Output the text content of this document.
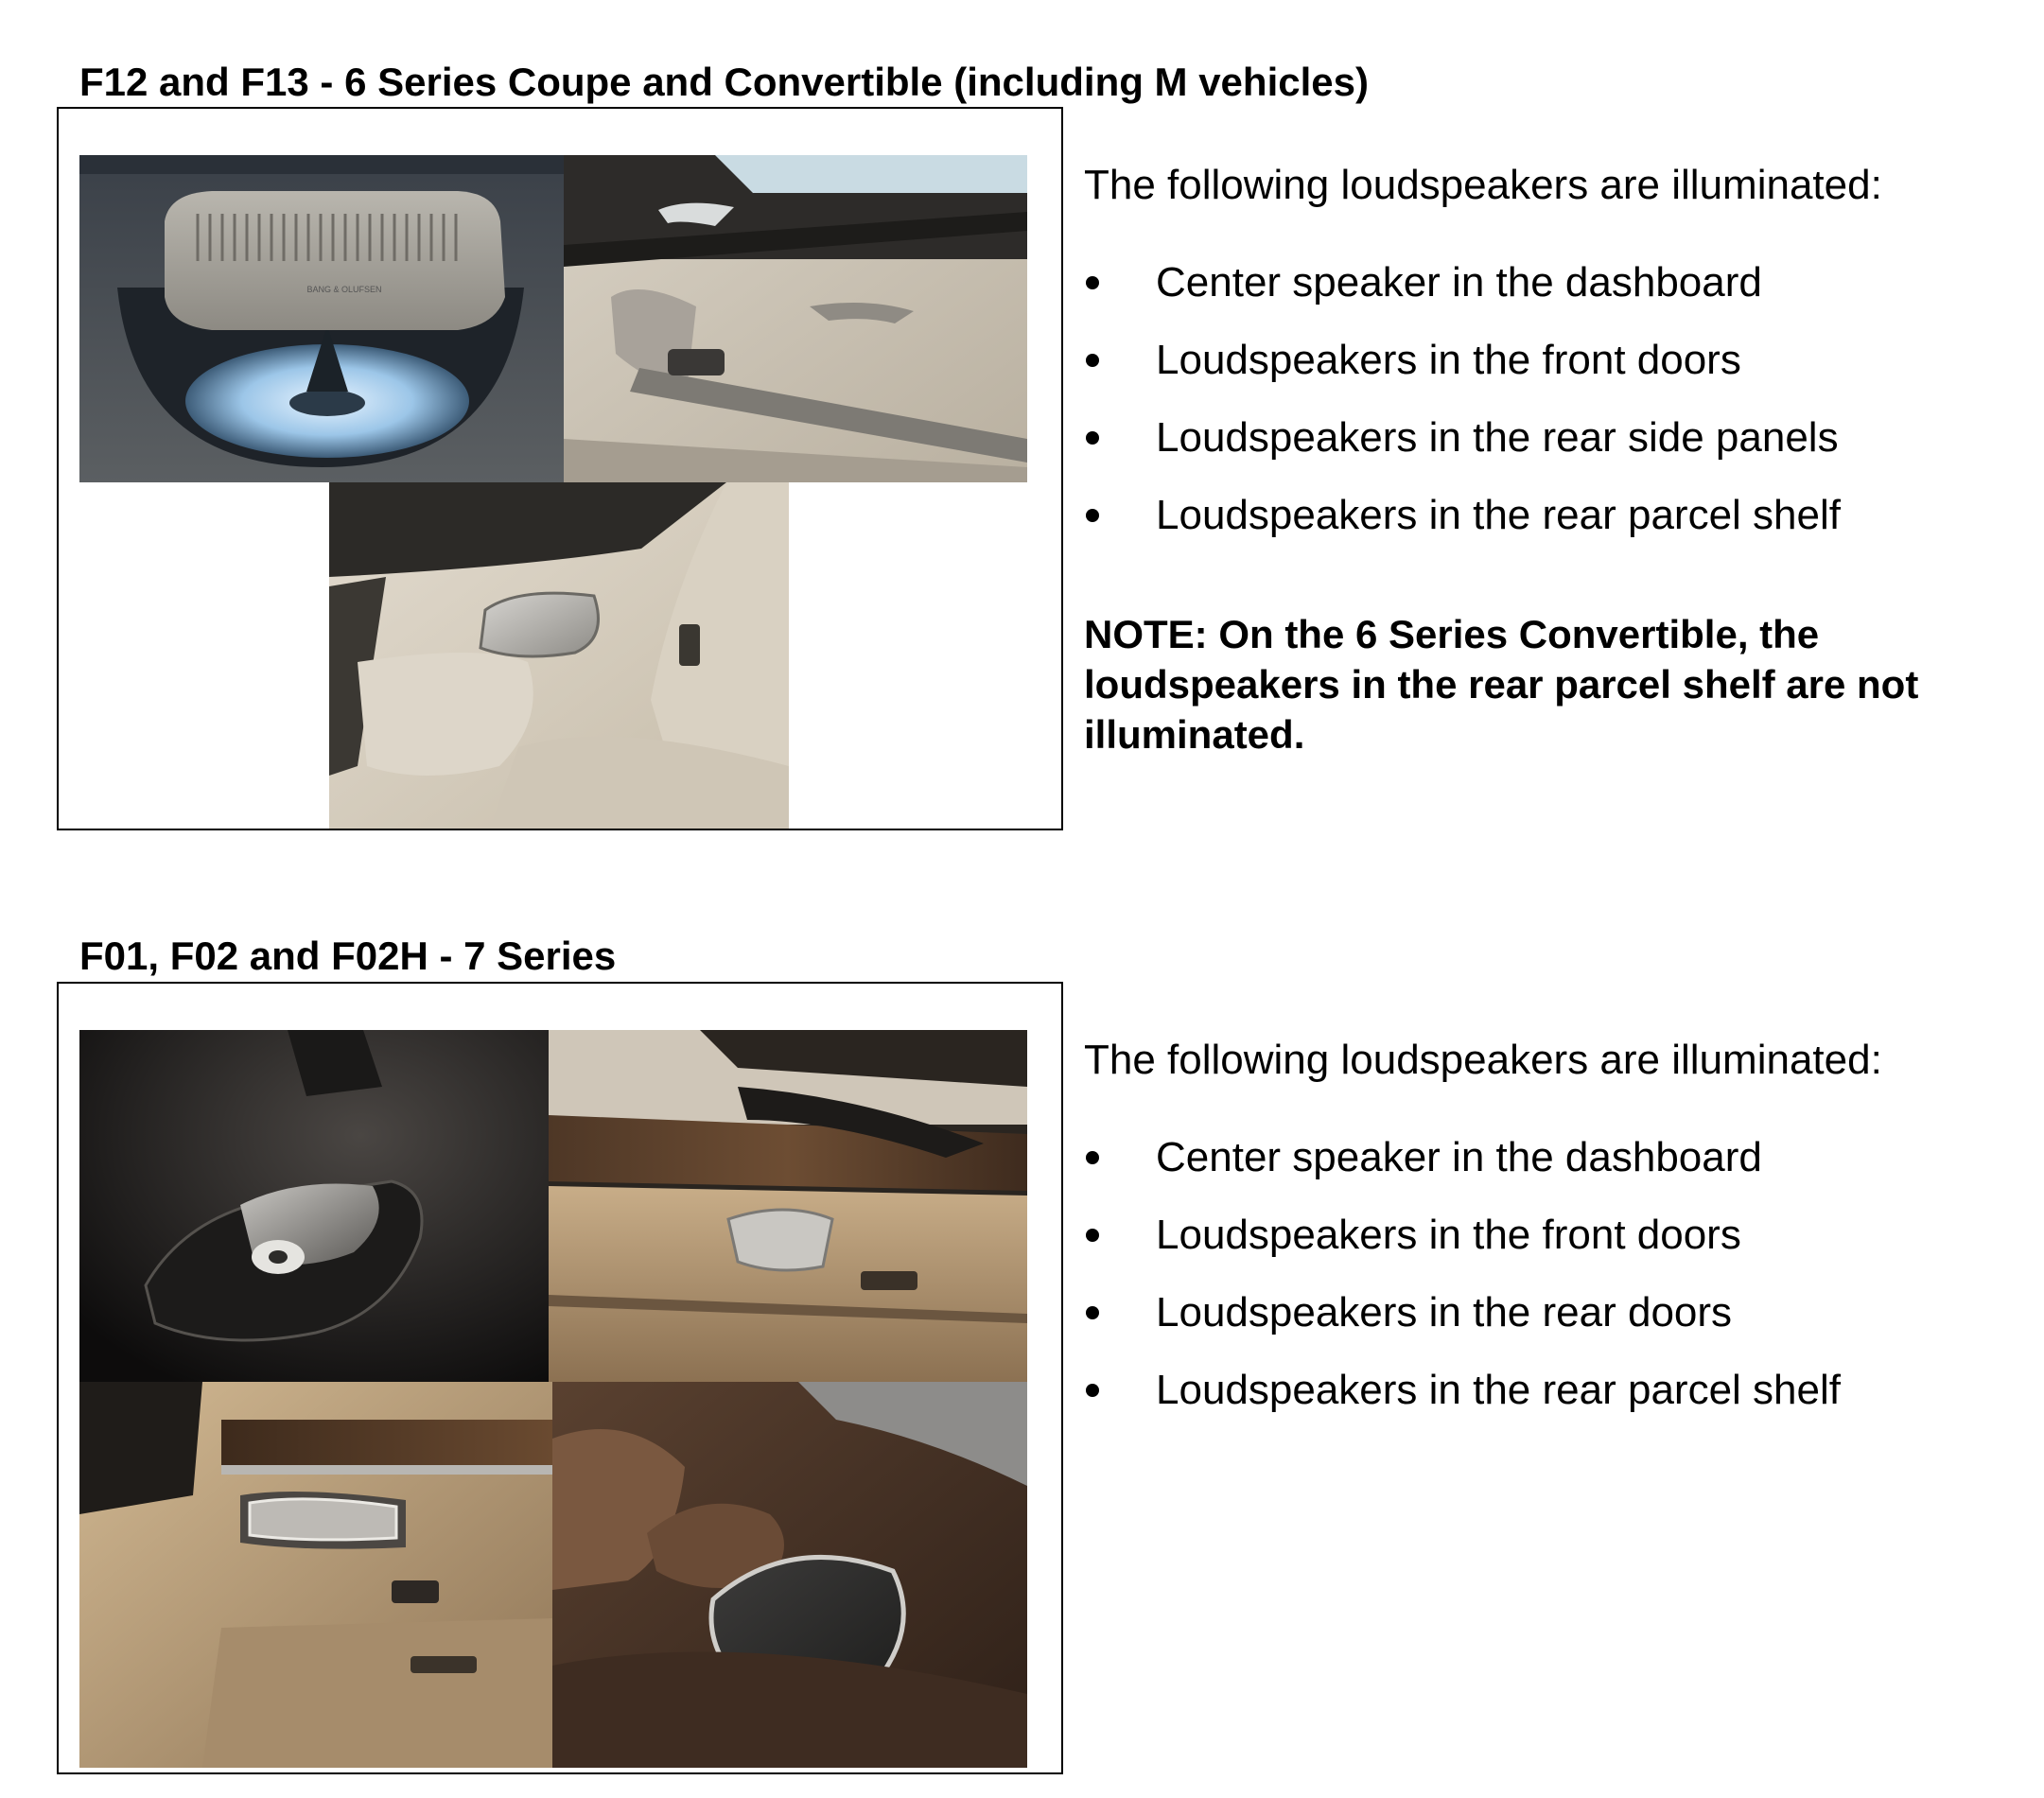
F12 and F13 - 6 Series Coupe and Convertible (including M vehicles)
BANG & OLUFSEN

The following loudspeakers are illuminated:

Center speaker in the dashboard
Loudspeakers in the front doors
Loudspeakers in the rear side panels
Loudspeakers in the rear parcel shelf

NOTE: On the 6 Series Convertible, the loudspeakers in the rear parcel shelf are not illuminated.

F01, F02 and F02H - 7 Series

The following loudspeakers are illuminated:

Center speaker in the dashboard
Loudspeakers in the front doors
Loudspeakers in the rear doors
Loudspeakers in the rear parcel shelf
